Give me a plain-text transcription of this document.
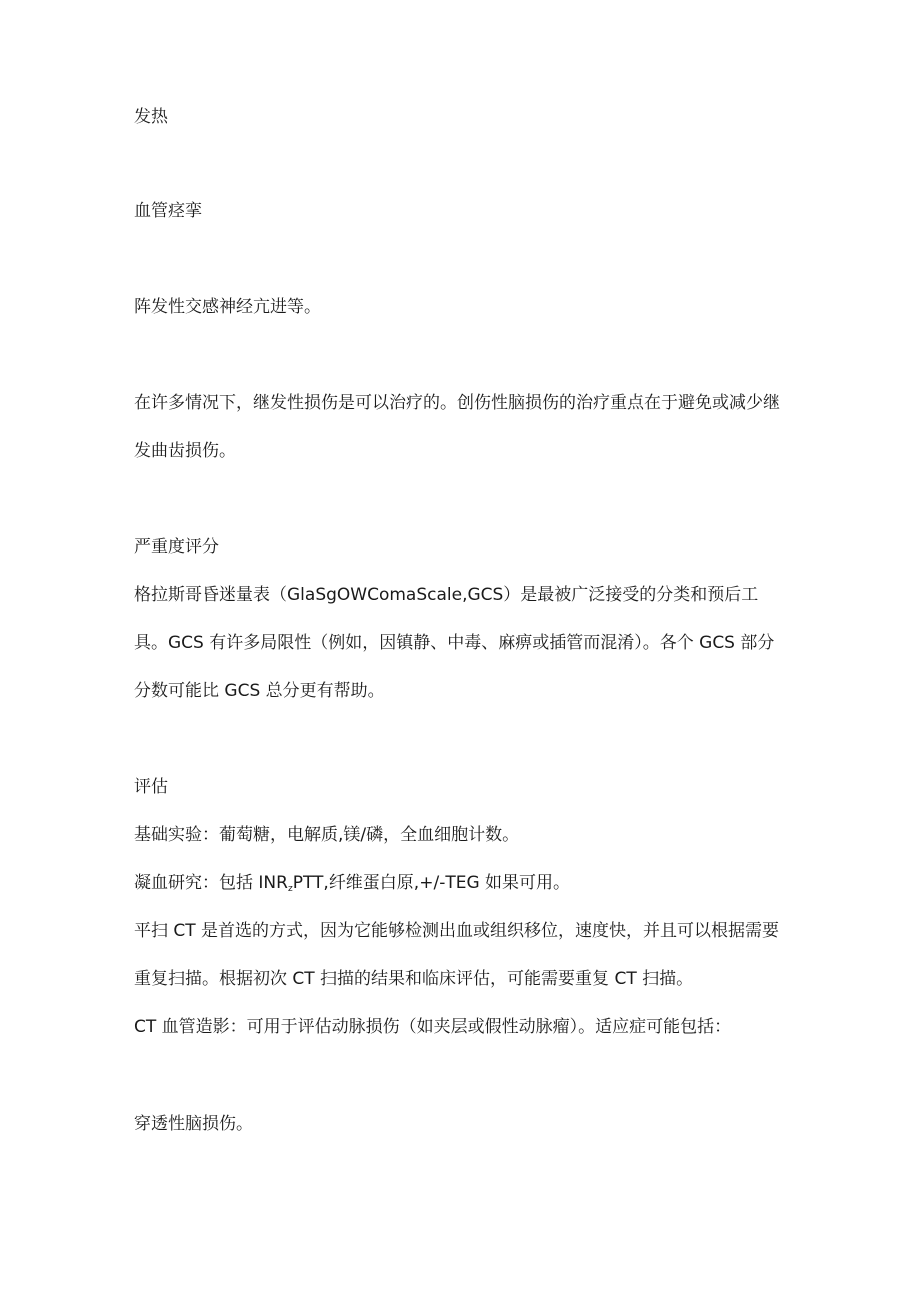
发热
血管痉挛
阵发性交感神经亢进等。
在许多情况下，继发性损伤是可以治疗的。创伤性脑损伤的治疗重点在于避免或减少继
发曲齿损伤。
严重度评分
格拉斯哥昏迷量表（GlaSgOWComaScale,GCS）是最被广泛接受的分类和预后工
具。GCS 有许多局限性（例如，因镇静、中毒、麻痹或插管而混淆）。各个 GCS 部分
分数可能比 GCS 总分更有帮助。
评估
基础实验：葡萄糖，电解质,镁/磷，全血细胞计数。
凝血研究：包括 $INR_zPTT$,纤维蛋白原,+/-TEG 如果可用。
平扫 CT 是首选的方式，因为它能够检测出血或组织移位，速度快，并且可以根据需要
重复扫描。根据初次 CT 扫描的结果和临床评估，可能需要重复 CT 扫描。
CT 血管造影：可用于评估动脉损伤（如夹层或假性动脉瘤）。适应症可能包括：
穿透性脑损伤。
